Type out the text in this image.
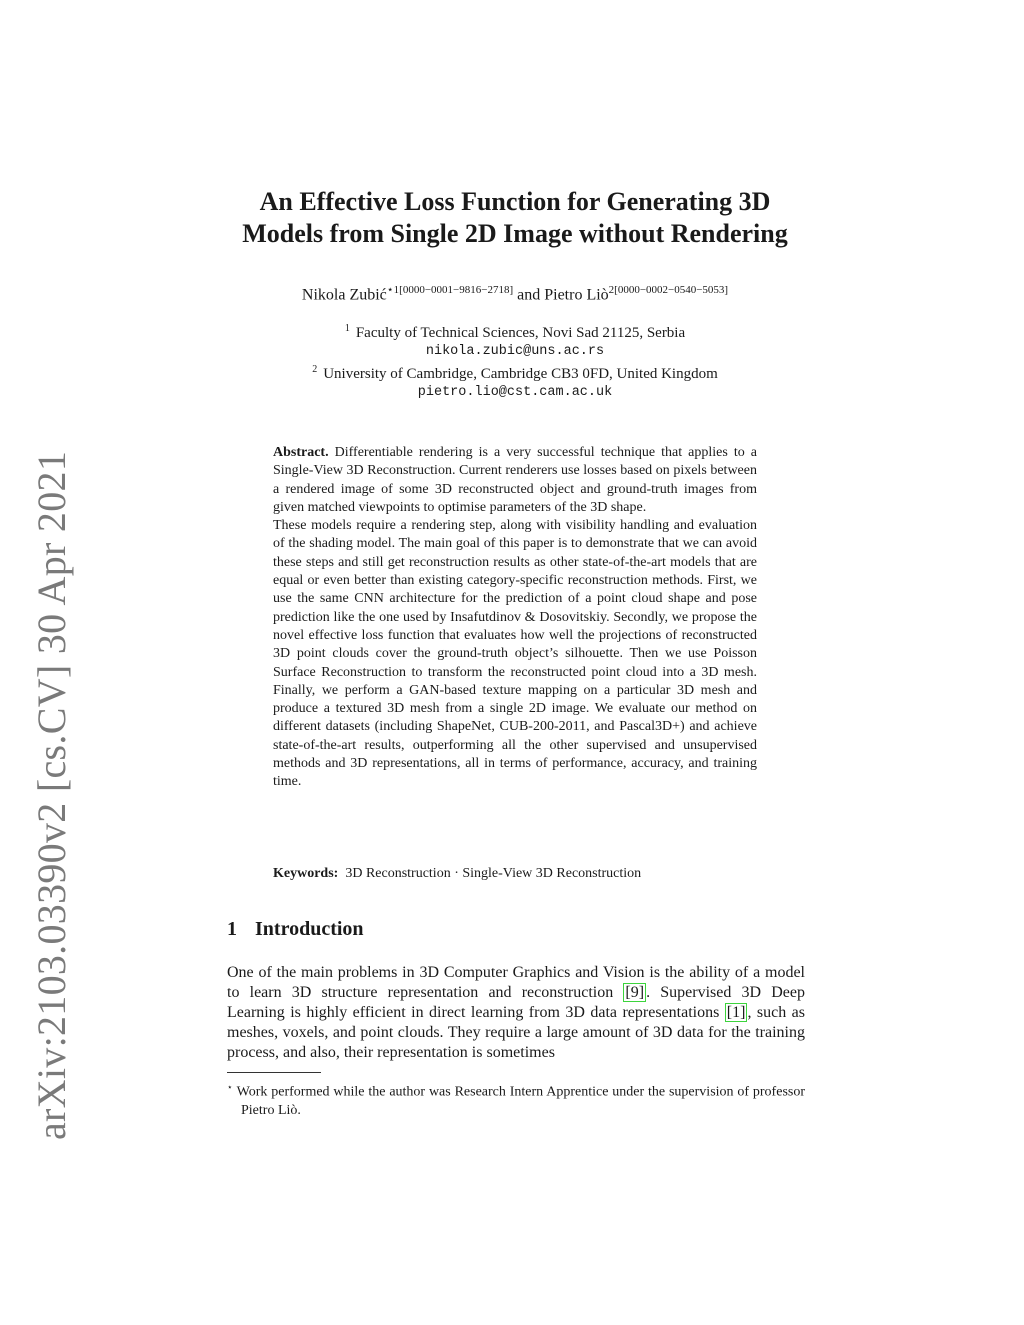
arXiv:2103.03390v2 [cs.CV] 30 Apr 2021
An Effective Loss Function for Generating 3D
Models from Single 2D Image without Rendering
Nikola Zubić$^{⋆1[0000-0001-9816-2718]}$ and Pietro Liò$^{2[0000-0002-0540-5053]}$
$^1$ Faculty of Technical Sciences, Novi Sad 21125, Serbia
nikola.zubic@uns.ac.rs
$^2$ University of Cambridge, Cambridge CB3 0FD, United Kingdom
pietro.lio@cst.cam.ac.uk

Abstract. Differentiable rendering is a very successful technique that applies to a Single-View 3D Reconstruction. Current renderers use losses based on pixels between a rendered image of some 3D reconstructed object and ground-truth images from given matched viewpoints to optimise parameters of the 3D shape.

These models require a rendering step, along with visibility handling and evaluation of the shading model. The main goal of this paper is to demonstrate that we can avoid these steps and still get reconstruction results as other state-of-the-art models that are equal or even better than existing category-specific reconstruction methods. First, we use the same CNN architecture for the prediction of a point cloud shape and pose prediction like the one used by Insafutdinov & Dosovitskiy. Secondly, we propose the novel effective loss function that evaluates how well the projections of reconstructed 3D point clouds cover the ground-truth object’s silhouette. Then we use Poisson Surface Reconstruction to transform the reconstructed point cloud into a 3D mesh. Finally, we perform a GAN-based texture mapping on a particular 3D mesh and produce a textured 3D mesh from a single 2D image. We evaluate our method on different datasets (including ShapeNet, CUB-200-2011, and Pascal3D+) and achieve state-of-the-art results, outperforming all the other supervised and unsupervised methods and 3D representations, all in terms of performance, accuracy, and training time.

Keywords: 3D Reconstruction · Single-View 3D Reconstruction
1 Introduction

One of the main problems in 3D Computer Graphics and Vision is the ability of a model to learn 3D structure representation and reconstruction [9] . Supervised 3D Deep Learning is highly efficient in direct learning from 3D data representations [1] , such as meshes, voxels, and point clouds. They require a large amount of 3D data for the training process, and also, their representation is sometimes

⋆ Work performed while the author was Research Intern Apprentice under the supervision of professor Pietro Liò.
